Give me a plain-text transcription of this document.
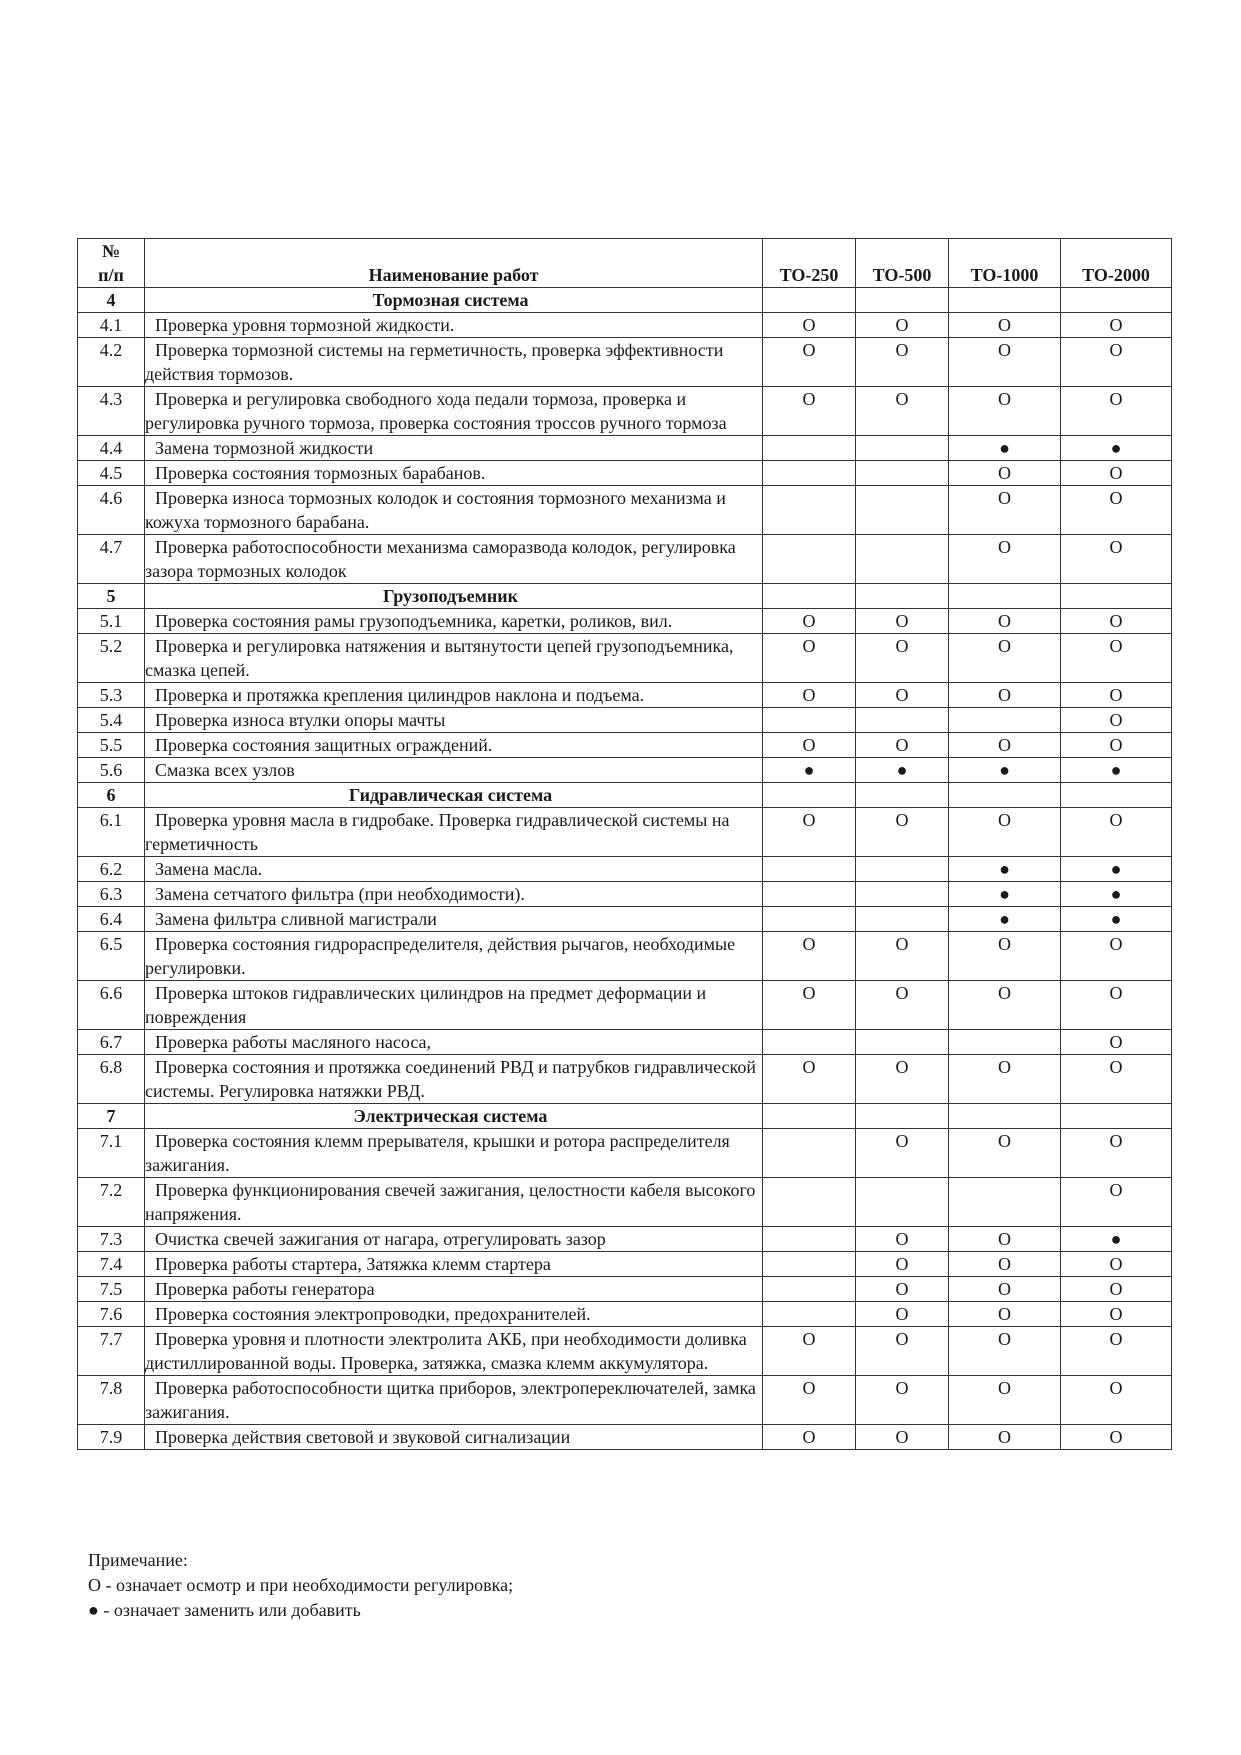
№
п/п	Наименование работ	ТО-250	ТО-500	ТО-1000	ТО-2000
4	Тормозная система				

4.1	Проверка уровня тормозной жидкости.	О	О	О	О
4.2	Проверка тормозной системы на герметичность, проверка эффективности действия тормозов.	О	О	О	О
4.3	Проверка и регулировка свободного хода педали тормоза, проверка и регулировка ручного тормоза, проверка состояния троссов ручного тормоза	О	О	О	О
4.4	Замена тормозной жидкости			●	●
4.5	Проверка состояния тормозных барабанов.			О	О
4.6	Проверка износа тормозных колодок и состояния тормозного механизма и кожуха тормозного барабана.			О	О
4.7	Проверка работоспособности механизма саморазвода колодок, регулировка зазора тормозных колодок			О	О
5	Грузоподъемник				

5.1	Проверка состояния рамы грузоподъемника, каретки, роликов, вил.	О	О	О	О
5.2	Проверка и регулировка натяжения и вытянутости цепей грузоподъемника, смазка цепей.	О	О	О	О
5.3	Проверка и протяжка крепления цилиндров наклона и подъема.	О	О	О	О
5.4	Проверка износа втулки опоры мачты				О
5.5	Проверка состояния защитных ограждений.	О	О	О	О
5.6	Смазка всех узлов	●	●	●	●
6	Гидравлическая система				

6.1	Проверка уровня масла в гидробаке. Проверка гидравлической системы на герметичность	О	О	О	О
6.2	Замена масла.			●	●
6.3	Замена сетчатого фильтра (при необходимости).			●	●
6.4	Замена фильтра сливной магистрали			●	●
6.5	Проверка состояния гидрораспределителя, действия рычагов, необходимые регулировки.	О	О	О	О
6.6	Проверка штоков гидравлических цилиндров на предмет деформации и повреждения	О	О	О	О
6.7	Проверка работы масляного насоса,				О
6.8	Проверка состояния и протяжка соединений РВД и патрубков гидравлической системы. Регулировка натяжки РВД.	О	О	О	О
7	Электрическая система				

7.1	Проверка состояния клемм прерывателя, крышки и ротора распределителя зажигания.		О	О	О
7.2	Проверка функционирования свечей зажигания, целостности кабеля высокого напряжения.				О
7.3	Очистка свечей зажигания от нагара, отрегулировать зазор		О	О	●
7.4	Проверка работы стартера, Затяжка клемм стартера		О	О	О
7.5	Проверка работы генератора		О	О	О
7.6	Проверка состояния электропроводки, предохранителей.		О	О	О
7.7	Проверка уровня и плотности электролита АКБ, при необходимости доливка дистиллированной воды. Проверка, затяжка, смазка клемм аккумулятора.	О	О	О	О
7.8	Проверка работоспособности щитка приборов, электропереключателей, замка зажигания.	О	О	О	О
7.9	Проверка действия световой и звуковой сигнализации	О	О	О	О
Примечание:
О - означает осмотр и при необходимости регулировка;
● - означает заменить или добавить
